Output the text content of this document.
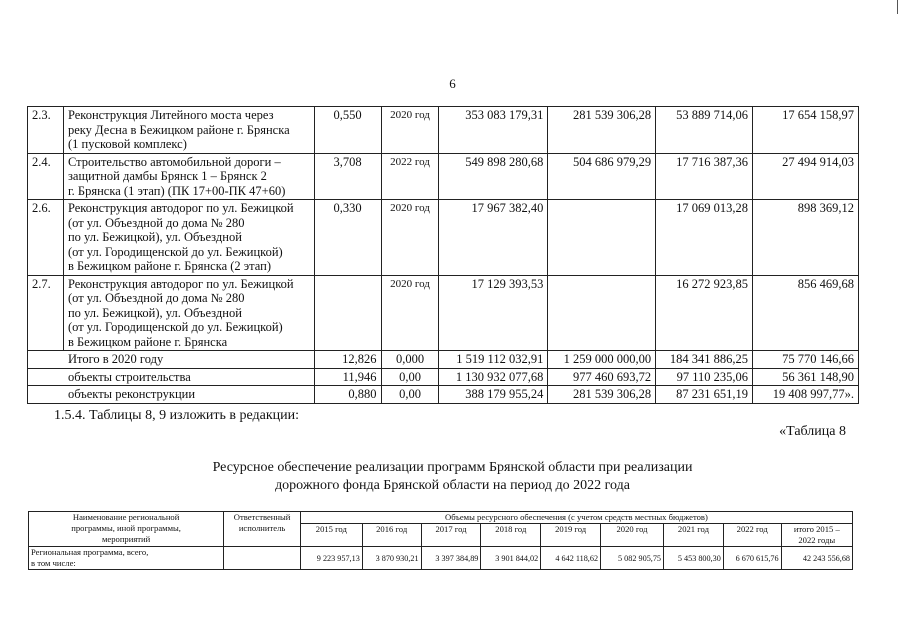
6
2.3.	Реконструкция Литейного моста через
реку Десна в Бежицком районе г. Брянска
(1 пусковой комплекс)	0,550	2020 год	353 083 179,31	281 539 306,28	53 889 714,06	17 654 158,97
2.4.	Строительство автомобильной дороги –
защитной дамбы Брянск 1 – Брянск 2
г. Брянска (1 этап) (ПК 17+00-ПК 47+60)	3,708	2022 год	549 898 280,68	504 686 979,29	17 716 387,36	27 494 914,03
2.6.	Реконструкция автодорог по ул. Бежицкой
(от ул. Объездной до дома № 280
по ул. Бежицкой), ул. Объездной
(от ул. Городищенской до ул. Бежицкой)
в Бежицком районе г. Брянска (2 этап)	0,330	2020 год	17 967 382,40		17 069 013,28	898 369,12
2.7.	Реконструкция автодорог по ул. Бежицкой
(от ул. Объездной до дома № 280
по ул. Бежицкой), ул. Объездной
(от ул. Городищенской до ул. Бежицкой)
в Бежицком районе г. Брянска		2020 год	17 129 393,53		16 272 923,85	856 469,68
Итого в 2020 году		12,826	0,000	1 519 112 032,91	1 259 000 000,00	184 341 886,25	75 770 146,66
объекты строительства		11,946	0,00	1 130 932 077,68	977 460 693,72	97 110 235,06	56 361 148,90
объекты реконструкции		0,880	0,00	388 179 955,24	281 539 306,28	87 231 651,19	19 408 997,77».
1.5.4. Таблицы 8, 9 изложить в редакции:
«Таблица 8
Ресурсное обеспечение реализации программ Брянской области при реализации
дорожного фонда Брянской области на период до 2022 года
Наименование региональной
программы, иной программы,
мероприятий	Ответственный
исполнитель	Объемы ресурсного обеспечения (с учетом средств местных бюджетов)								
		2015 год	2016 год	2017 год	2018 год	2019 год	2020 год	2021 год	2022 год	итого 2015 –
2022 годы
Региональная программа, всего,
в том числе:		9 223 957,13	3 870 930,21	3 397 384,89	3 901 844,02	4 642 118,62	5 082 905,75	5 453 800,30	6 670 615,76	42 243 556,68
